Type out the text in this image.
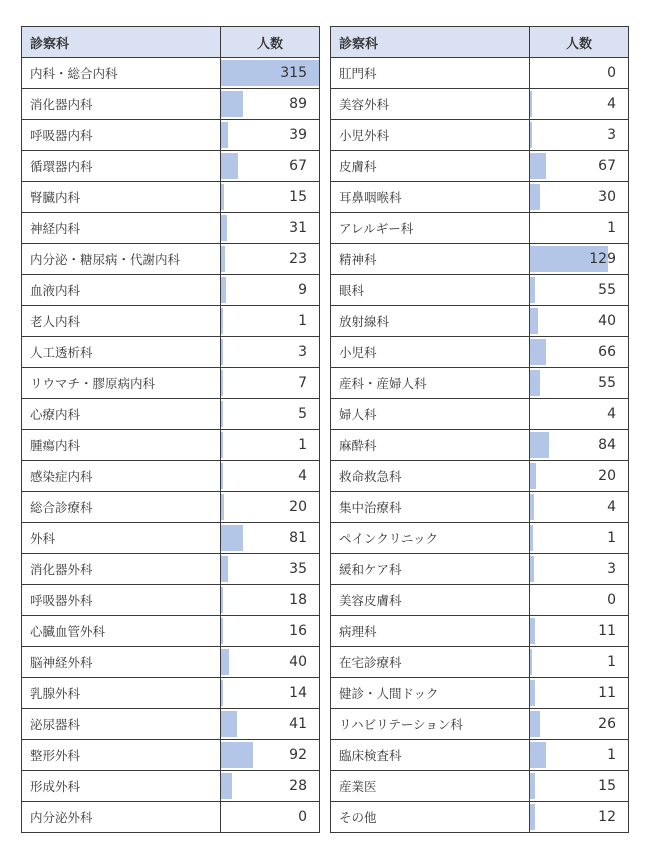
診察科	人数
内科・総合内科	315
消化器内科	89
呼吸器内科	39
循環器内科	67
腎臓内科	15
神経内科	31
内分泌・糖尿病・代謝内科	23
血液内科	9
老人内科	1
人工透析科	3
リウマチ・膠原病内科	7
心療内科	5
腫瘍内科	1
感染症内科	4
総合診療科	20
外科	81
消化器外科	35
呼吸器外科	18
心臓血管外科	16
脳神経外科	40
乳腺外科	14
泌尿器科	41
整形外科	92
形成外科	28
内分泌外科	0
診察科	人数
肛門科	0
美容外科	4
小児外科	3
皮膚科	67
耳鼻咽喉科	30
アレルギー科	1
精神科	129
眼科	55
放射線科	40
小児科	66
産科・産婦人科	55
婦人科	4
麻酔科	84
救命救急科	20
集中治療科	4
ペインクリニック	1
緩和ケア科	3
美容皮膚科	0
病理科	11
在宅診療科	1
健診・人間ドック	11
リハビリテーション科	26
臨床検査科	1
産業医	15
その他	12
